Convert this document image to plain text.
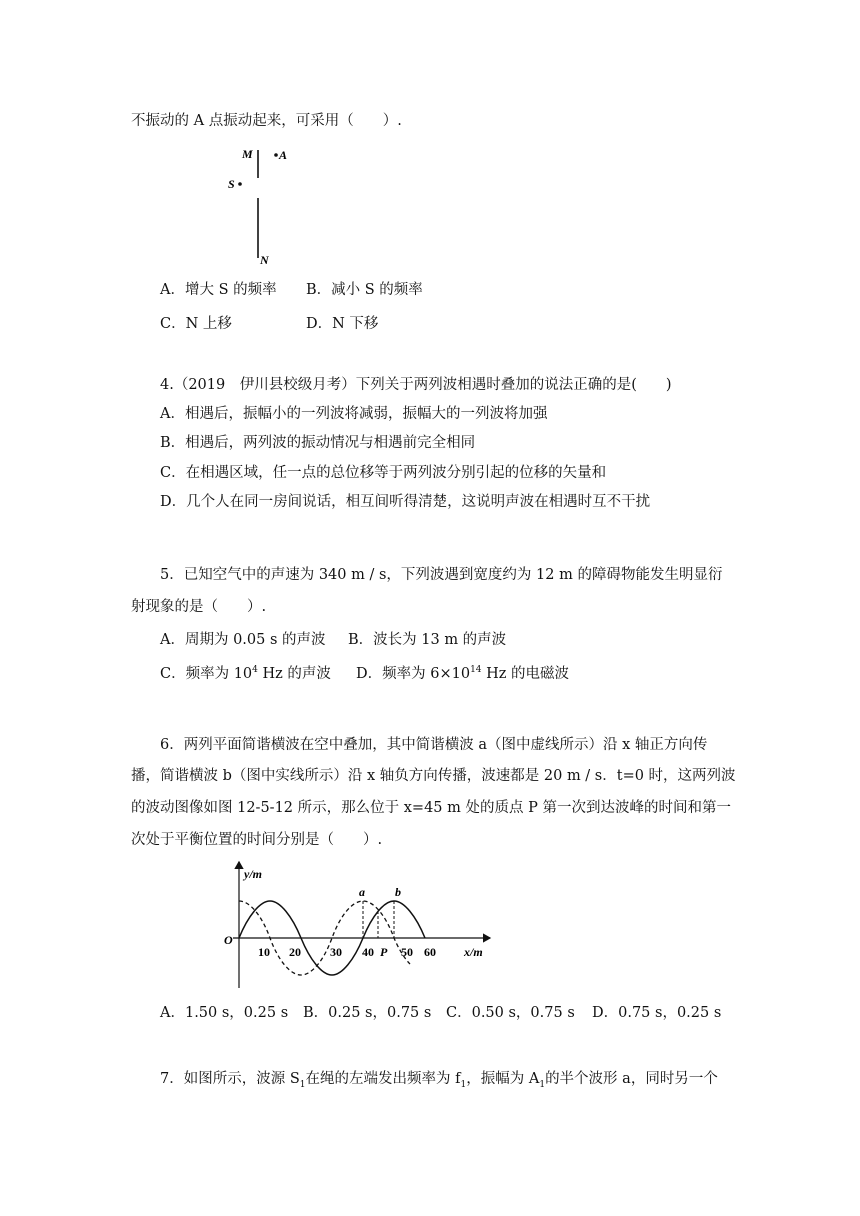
不振动的 A 点振动起来，可采用（　　）.
M A
S
N
A．增大 S 的频率 B．减小 S 的频率
C．N 上移	D．N 下移
4.（2019　伊川县校级月考）下列关于两列波相遇时叠加的说法正确的是(　　)
A．相遇后，振幅小的一列波将减弱，振幅大的一列波将加强
B．相遇后，两列波的振动情况与相遇前完全相同
C．在相遇区域，任一点的总位移等于两列波分别引起的位移的矢量和
D．几个人在同一房间说话，相互间听得清楚，这说明声波在相遇时互不干扰
5．已知空气中的声速为 340 m / s，下列波遇到宽度约为 12 m 的障碍物能发生明显衍
射现象的是（　　）.
A．周期为 0.05 s 的声波 B．波长为 13 m 的声波
C．频率为 $10^4$ Hz 的声波 D．频率为 $6\times 10^{14}$ Hz 的电磁波
6．两列平面简谐横波在空中叠加，其中简谐横波 a（图中虚线所示）沿 x 轴正方向传
播，简谐横波 b（图中实线所示）沿 x 轴负方向传播，波速都是 20 m / s．t=0 时，这两列波
的波动图像如图 12-5-12 所示，那么位于 x=45 m 处的质点 P 第一次到达波峰的时间和第一
次处于平衡位置的时间分别是（　　）.
y/m
x/m
O
10 20 30 40 50 60
P
a	b
A．1.50 s，0.25 s B．0.25 s，0.75 s C．0.50 s，0.75 s D．0.75 s，0.25 s
7．如图所示，波源 $S_1$在绳的左端发出频率为 $f_1$，振幅为 $A_1$的半个波形 a，同时另一个
